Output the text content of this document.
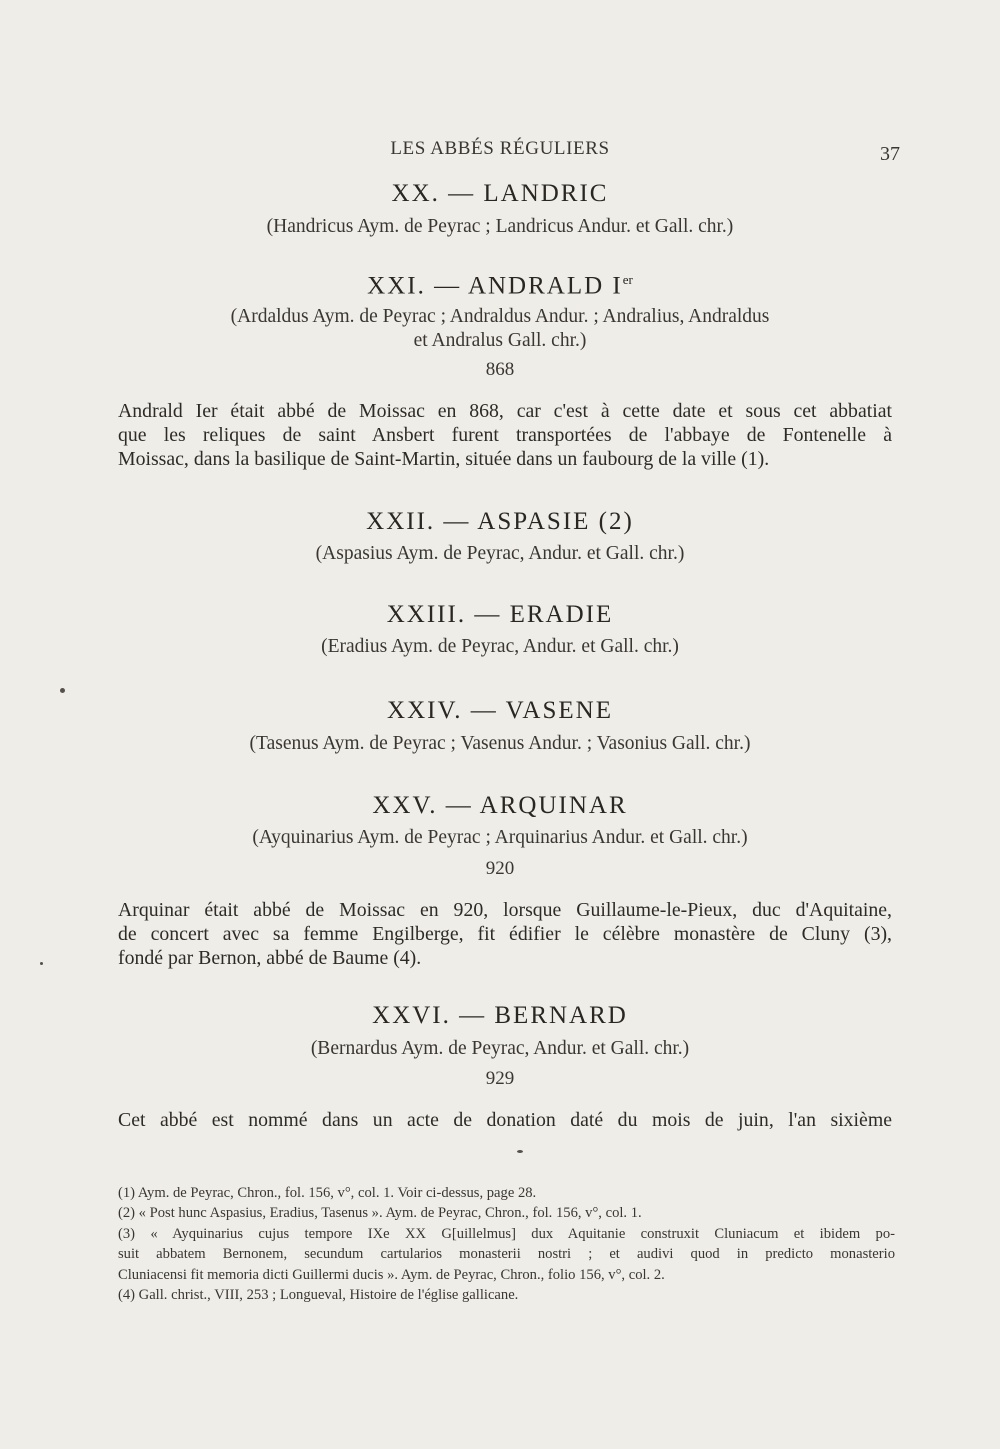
LES ABBÉS RÉGULIERS	37
XX. — LANDRIC
(Handricus Aym. de Peyrac ; Landricus Andur. et Gall. chr.)
XXI. — ANDRALD Ier
(Ardaldus Aym. de Peyrac ; Andraldus Andur. ; Andralius, Andraldus
et Andralus Gall. chr.)
868
Andrald Ier était abbé de Moissac en 868, car c'est à cette date et sous cet abbatiat
que les reliques de saint Ansbert furent transportées de l'abbaye de Fontenelle à
Moissac, dans la basilique de Saint-Martin, située dans un faubourg de la ville (1).
XXII. — ASPASIE (2)
(Aspasius Aym. de Peyrac, Andur. et Gall. chr.)
XXIII. — ERADIE
(Eradius Aym. de Peyrac, Andur. et Gall. chr.)
XXIV. — VASENE
(Tasenus Aym. de Peyrac ; Vasenus Andur. ; Vasonius Gall. chr.)
XXV. — ARQUINAR
(Ayquinarius Aym. de Peyrac ; Arquinarius Andur. et Gall. chr.)
920
Arquinar était abbé de Moissac en 920, lorsque Guillaume-le-Pieux, duc d'Aquitaine,
de concert avec sa femme Engilberge, fit édifier le célèbre monastère de Cluny (3),
fondé par Bernon, abbé de Baume (4).
XXVI. — BERNARD
(Bernardus Aym. de Peyrac, Andur. et Gall. chr.)
929
Cet abbé est nommé dans un acte de donation daté du mois de juin, l'an sixième
(1) Aym. de Peyrac, Chron., fol. 156, v°, col. 1. Voir ci-dessus, page 28.
(2) « Post hunc Aspasius, Eradius, Tasenus ». Aym. de Peyrac, Chron., fol. 156, v°, col. 1.
(3) « Ayquinarius cujus tempore IXe XX G[uillelmus] dux Aquitanie construxit Cluniacum et ibidem po-
suit abbatem Bernonem, secundum cartularios monasterii nostri ; et audivi quod in predicto monasterio
Cluniacensi fit memoria dicti Guillermi ducis ». Aym. de Peyrac, Chron., folio 156, v°, col. 2.
(4) Gall. christ., VIII, 253 ; Longueval, Histoire de l'église gallicane.
